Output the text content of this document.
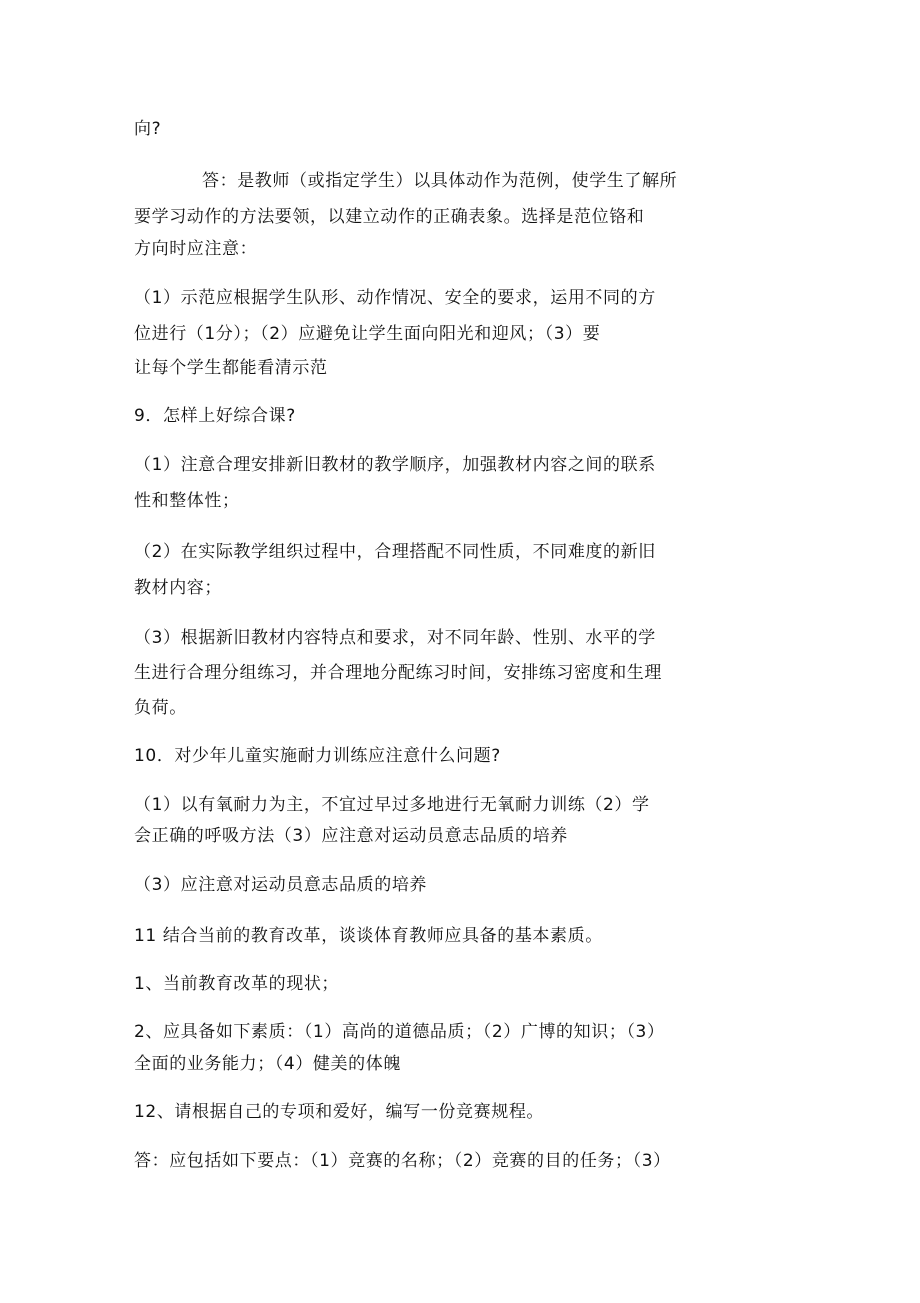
向?
答：是教师（或指定学生）以具体动作为范例，使学生了解所
要学习动作的方法要领，以建立动作的正确表象。选择是范位铬和
方向时应注意：
（1）示范应根据学生队形、动作情况、安全的要求，运用不同的方
位进行（1分）；（2）应避免让学生面向阳光和迎风；（3）要
让每个学生都能看清示范
9．怎样上好综合课?
（1）注意合理安排新旧教材的教学顺序，加强教材内容之间的联系
性和整体性；
（2）在实际教学组织过程中，合理搭配不同性质，不同难度的新旧
教材内容；
（3）根据新旧教材内容特点和要求，对不同年龄、性别、水平的学
生进行合理分组练习，并合理地分配练习时间，安排练习密度和生理
负荷。
10．对少年儿童实施耐力训练应注意什么问题?
（1）以有氧耐力为主，不宜过早过多地进行无氧耐力训练（2）学
会正确的呼吸方法（3）应注意对运动员意志品质的培养
（3）应注意对运动员意志品质的培养
11 结合当前的教育改革，谈谈体育教师应具备的基本素质。
1、当前教育改革的现状；
2、应具备如下素质：（1）高尚的道德品质；（2）广博的知识；（3）
全面的业务能力；（4）健美的体魄
12、请根据自己的专项和爱好，编写一份竞赛规程。
答：应包括如下要点：（1）竞赛的名称；（2）竞赛的目的任务；（3）
